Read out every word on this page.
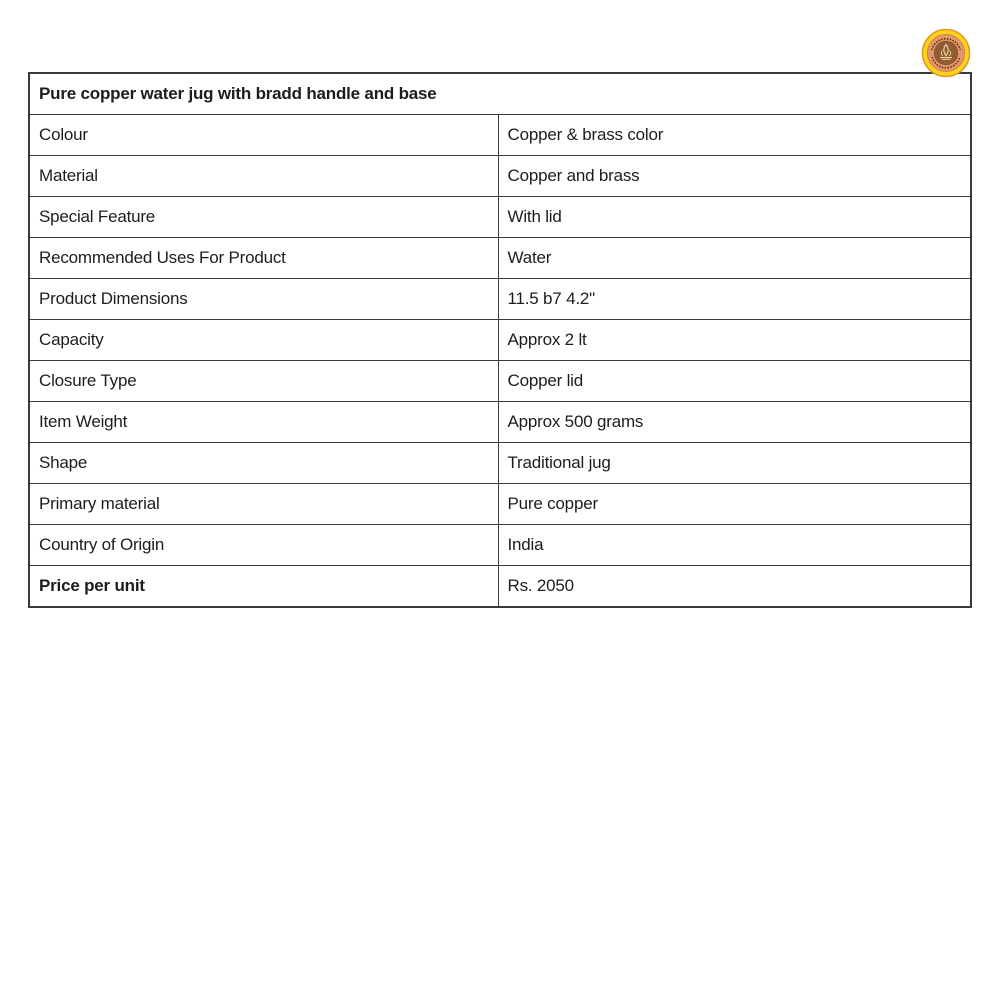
Pure copper water jug with bradd handle and base	
Colour	Copper & brass color
Material	Copper and brass
Special Feature	With lid
Recommended Uses For Product	Water
Product Dimensions	11.5 b7 4.2"
Capacity	Approx 2 lt
Closure Type	Copper lid
Item Weight	Approx 500 grams
Shape	Traditional jug
Primary material	Pure copper
Country of Origin	India
Price per unit	Rs. 2050
